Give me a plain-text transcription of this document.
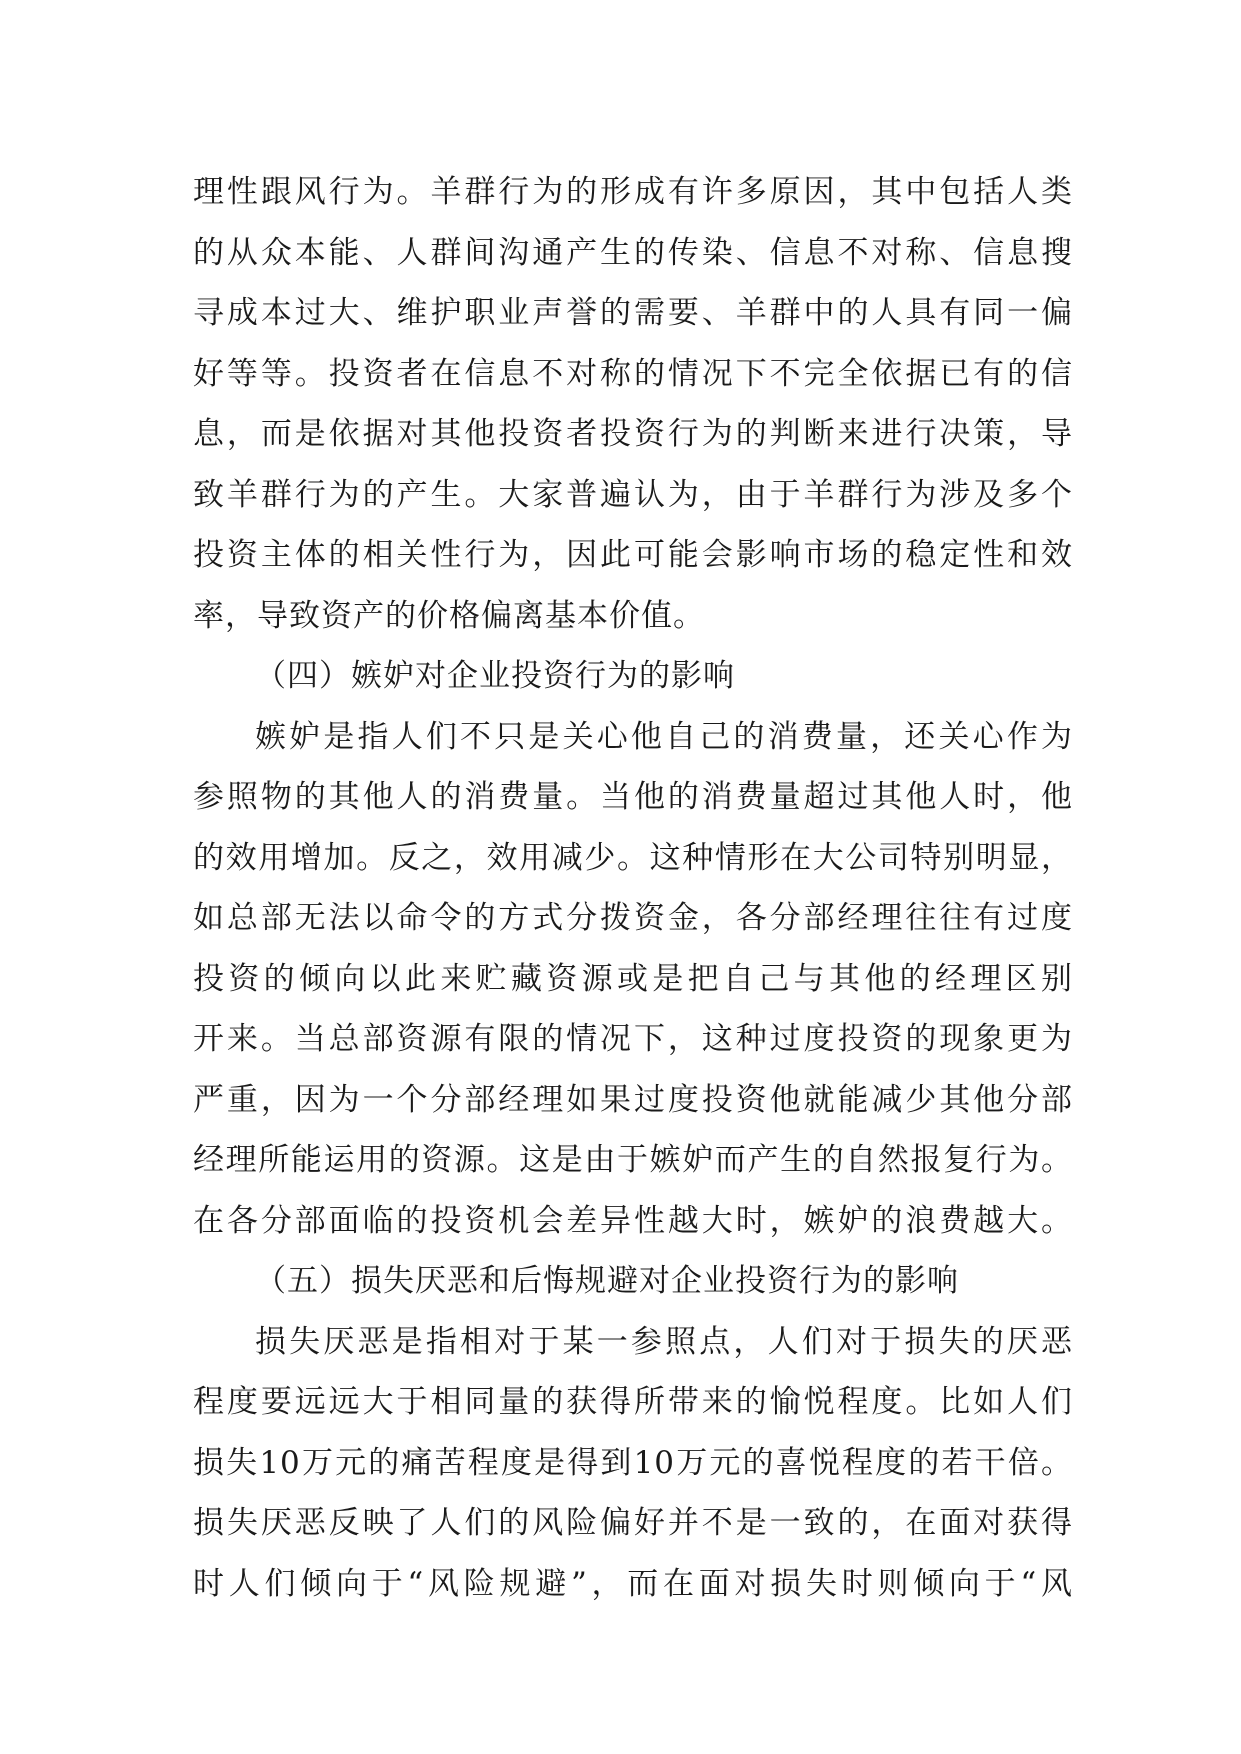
理性跟风行为。羊群行为的形成有许多原因，其中包括人类
的从众本能、人群间沟通产生的传染、信息不对称、信息搜
寻成本过大、维护职业声誉的需要、羊群中的人具有同一偏
好等等。投资者在信息不对称的情况下不完全依据已有的信
息，而是依据对其他投资者投资行为的判断来进行决策，导
致羊群行为的产生。大家普遍认为，由于羊群行为涉及多个
投资主体的相关性行为，因此可能会影响市场的稳定性和效
率，导致资产的价格偏离基本价值。
（四）嫉妒对企业投资行为的影响
嫉妒是指人们不只是关心他自己的消费量，还关心作为
参照物的其他人的消费量。当他的消费量超过其他人时，他
的效用增加。反之，效用减少。这种情形在大公司特别明显，
如总部无法以命令的方式分拨资金，各分部经理往往有过度
投资的倾向以此来贮藏资源或是把自己与其他的经理区别
开来。当总部资源有限的情况下，这种过度投资的现象更为
严重，因为一个分部经理如果过度投资他就能减少其他分部
经理所能运用的资源。这是由于嫉妒而产生的自然报复行为。
在各分部面临的投资机会差异性越大时，嫉妒的浪费越大。
（五）损失厌恶和后悔规避对企业投资行为的影响
损失厌恶是指相对于某一参照点，人们对于损失的厌恶
程度要远远大于相同量的获得所带来的愉悦程度。比如人们
损失10万元的痛苦程度是得到10万元的喜悦程度的若干倍。
损失厌恶反映了人们的风险偏好并不是一致的，在面对获得
时人们倾向于“风险规避”，而在面对损失时则倾向于“风
